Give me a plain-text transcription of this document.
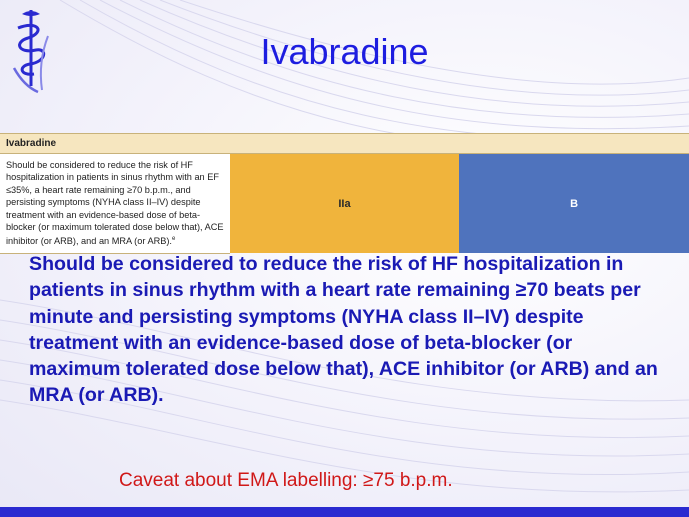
Ivabradine
Ivabradine
Should be considered to reduce the risk of HF hospitalization in patients in sinus rhythm with an EF ≤35%, a heart rate remaining ≥70 b.p.m., and persisting symptoms (NYHA class II–IV) despite treatment with an evidence-based dose of beta-blocker (or maximum tolerated dose below that), ACE inhibitor (or ARB), and an MRA (or ARB).$^e$	IIa	B
Should be considered to reduce the risk of HF hospitalization in patients in sinus rhythm with a heart rate remaining ≥70 beats per minute and persisting symptoms (NYHA class II–IV) despite treatment with an evidence-based dose of beta-blocker (or maximum tolerated dose below that), ACE inhibitor (or ARB) and an MRA (or ARB).
Caveat about EMA labelling: ≥75 b.p.m.
